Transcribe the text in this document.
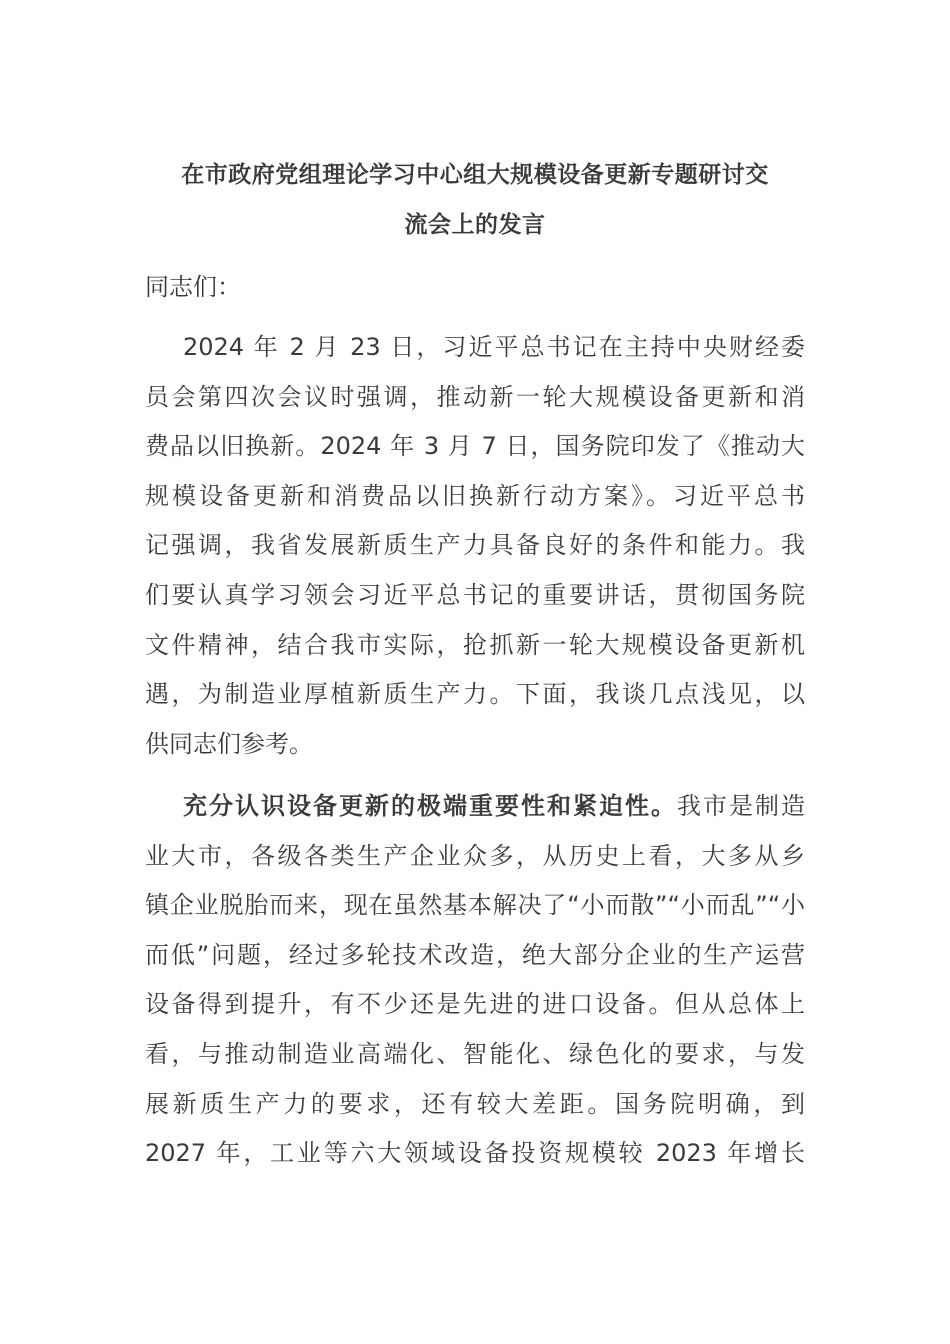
在市政府党组理论学习中心组大规模设备更新专题研讨交
流会上的发言
同志们：
2024 年 2 月 23 日，习近平总书记在主持中央财经委
员会第四次会议时强调，推动新一轮大规模设备更新和消
费品以旧换新。2024 年 3 月 7 日，国务院印发了《推动大
规模设备更新和消费品以旧换新行动方案》。习近平总书
记强调，我省发展新质生产力具备良好的条件和能力。我
们要认真学习领会习近平总书记的重要讲话，贯彻国务院
文件精神，结合我市实际，抢抓新一轮大规模设备更新机
遇，为制造业厚植新质生产力。下面，我谈几点浅见，以
供同志们参考。
充分认识设备更新的极端重要性和紧迫性。我市是制造
业大市，各级各类生产企业众多，从历史上看，大多从乡
镇企业脱胎而来，现在虽然基本解决了“小而散”“小而乱”“小
而低”问题，经过多轮技术改造，绝大部分企业的生产运营
设备得到提升，有不少还是先进的进口设备。但从总体上
看，与推动制造业高端化、智能化、绿色化的要求，与发
展新质生产力的要求，还有较大差距。国务院明确，到
2027 年，工业等六大领域设备投资规模较 2023 年增长
